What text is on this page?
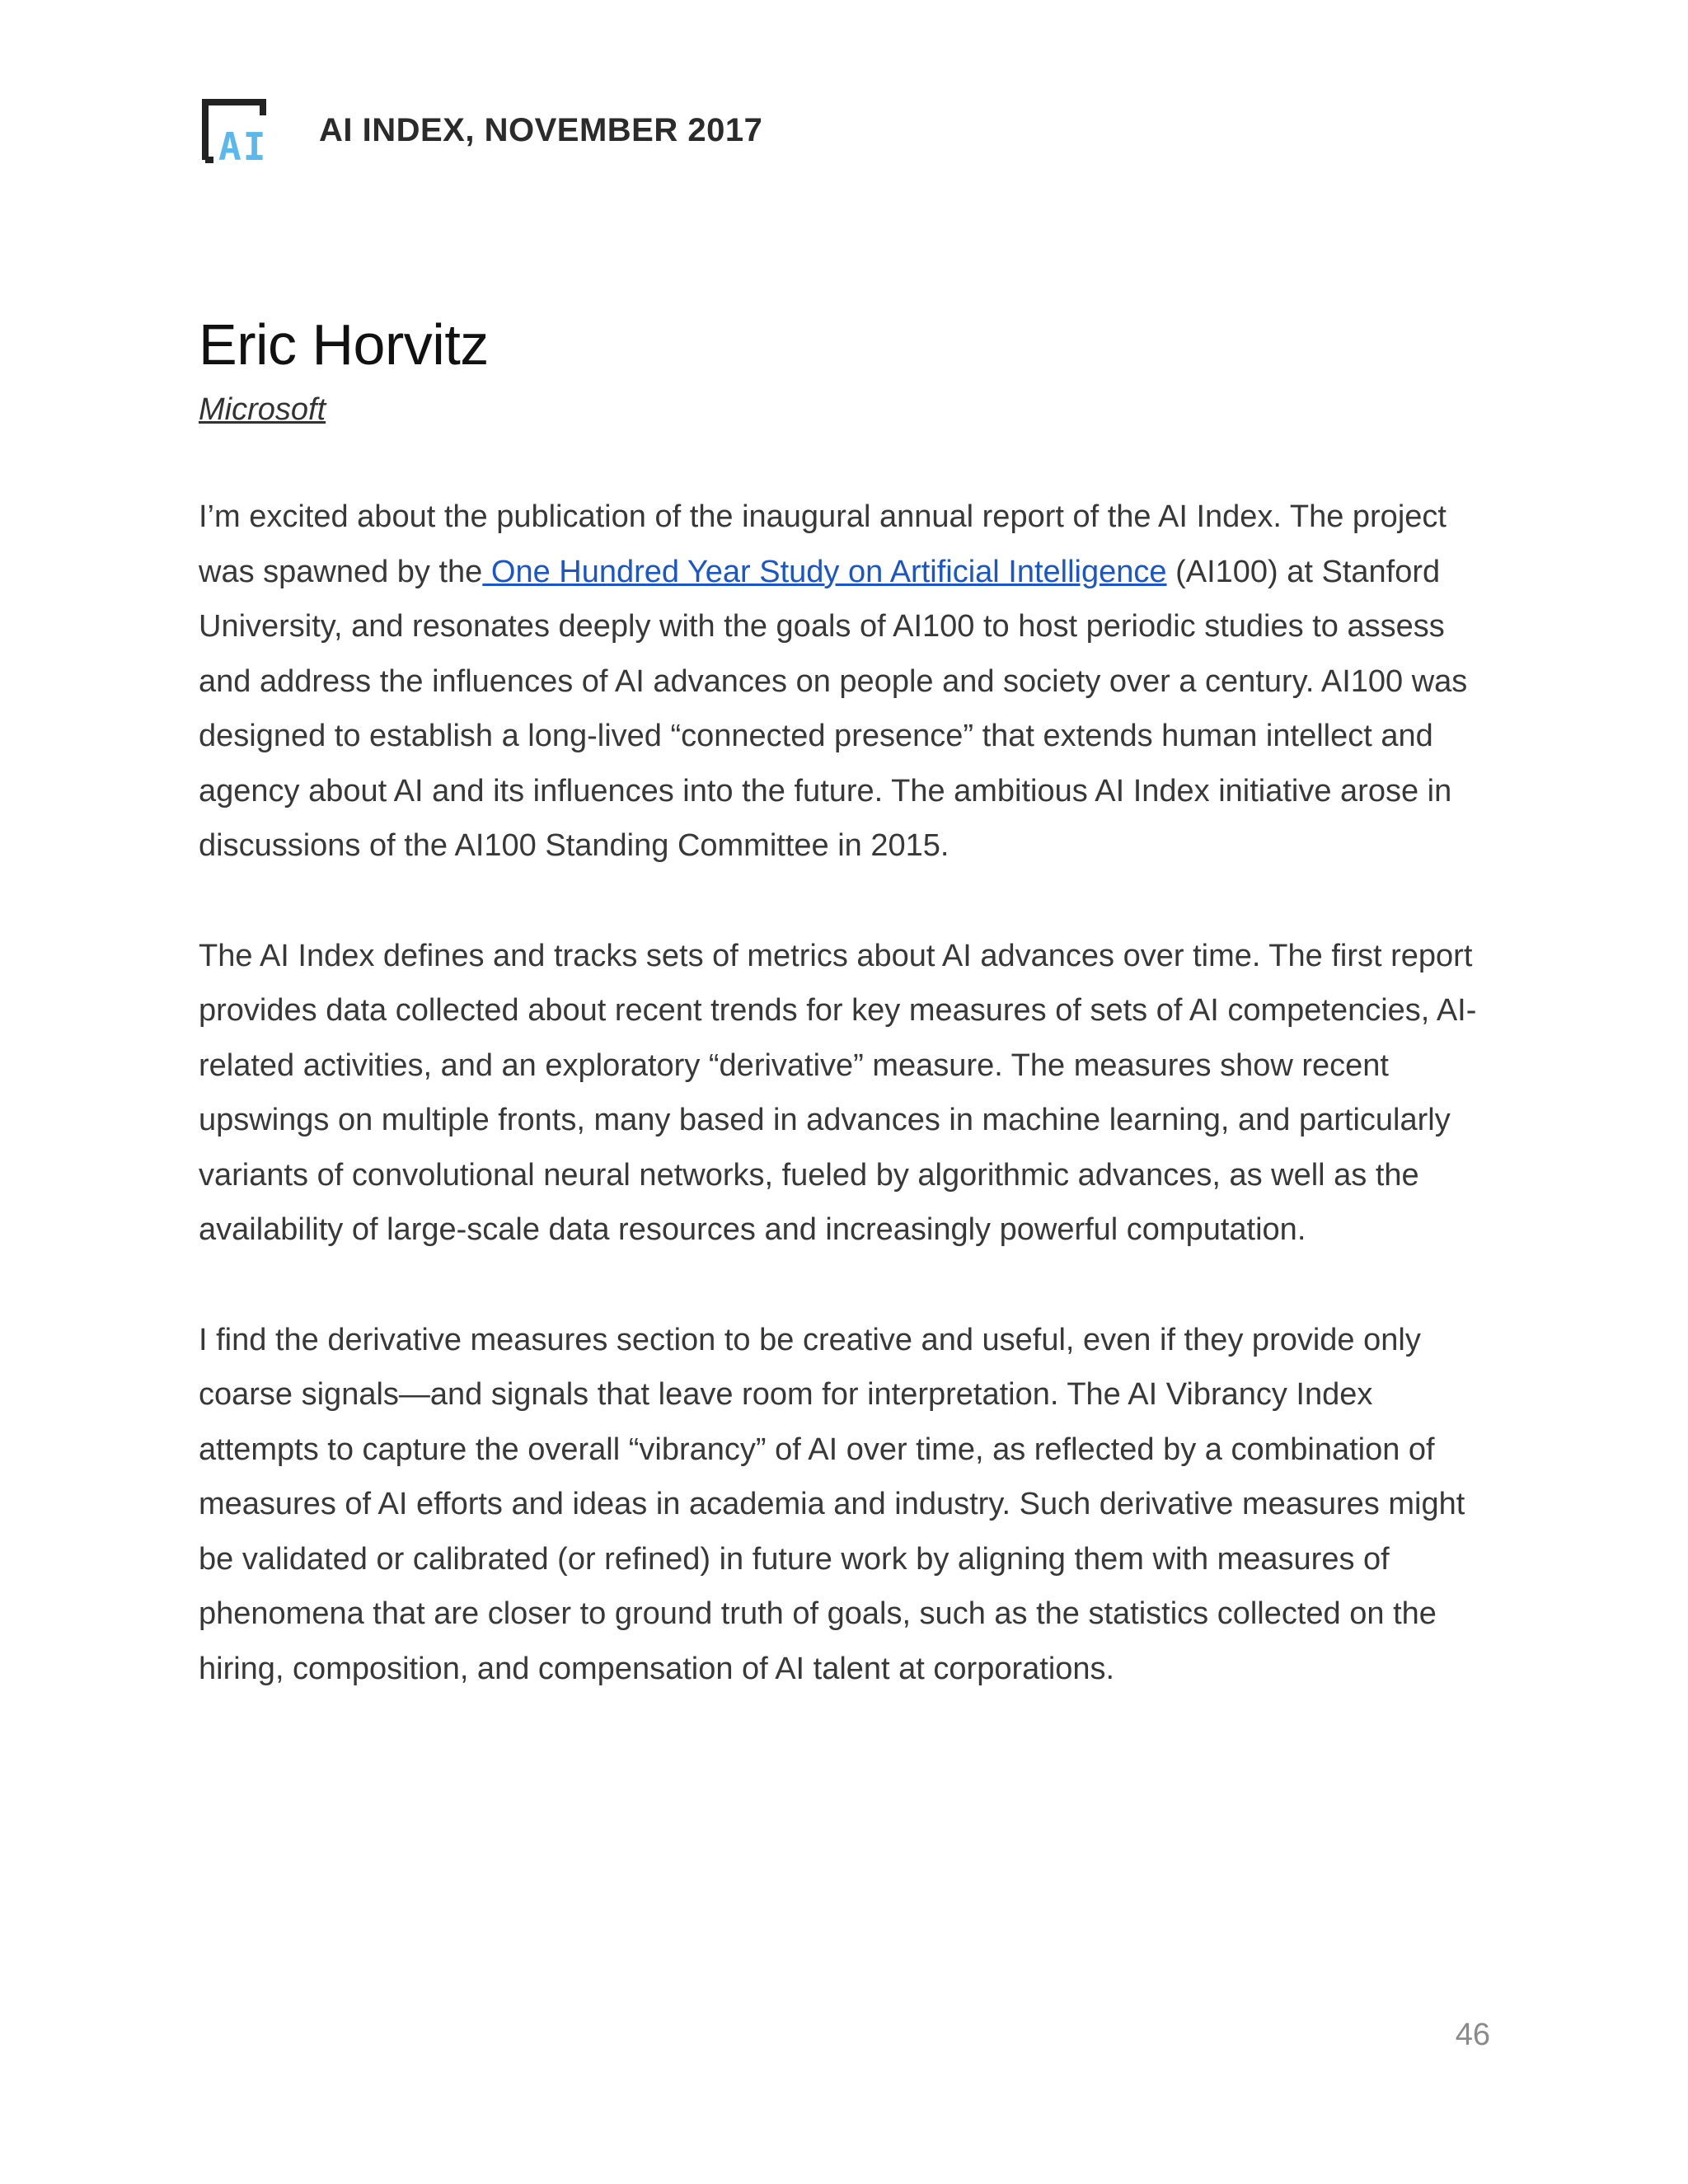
AI AI INDEX, NOVEMBER 2017
Eric Horvitz
Microsoft

I’m excited about the publication of the inaugural annual report of the AI Index. The project was spawned by the One Hundred Year Study on Artificial Intelligence (AI100) at Stanford University, and resonates deeply with the goals of AI100 to host periodic studies to assess and address the influences of AI advances on people and society over a century. AI100 was designed to establish a long-lived “connected presence” that extends human intellect and agency about AI and its influences into the future. The ambitious AI Index initiative arose in discussions of the AI100 Standing Committee in 2015.

The AI Index defines and tracks sets of metrics about AI advances over time. The first report provides data collected about recent trends for key measures of sets of AI competencies, AI-related activities, and an exploratory “derivative” measure. The measures show recent upswings on multiple fronts, many based in advances in machine learning, and particularly variants of convolutional neural networks, fueled by algorithmic advances, as well as the availability of large-scale data resources and increasingly powerful computation.

I find the derivative measures section to be creative and useful, even if they provide only coarse signals—and signals that leave room for interpretation. The AI Vibrancy Index attempts to capture the overall “vibrancy” of AI over time, as reflected by a combination of measures of AI efforts and ideas in academia and industry. Such derivative measures might be validated or calibrated (or refined) in future work by aligning them with measures of phenomena that are closer to ground truth of goals, such as the statistics collected on the hiring, composition, and compensation of AI talent at corporations.

46
